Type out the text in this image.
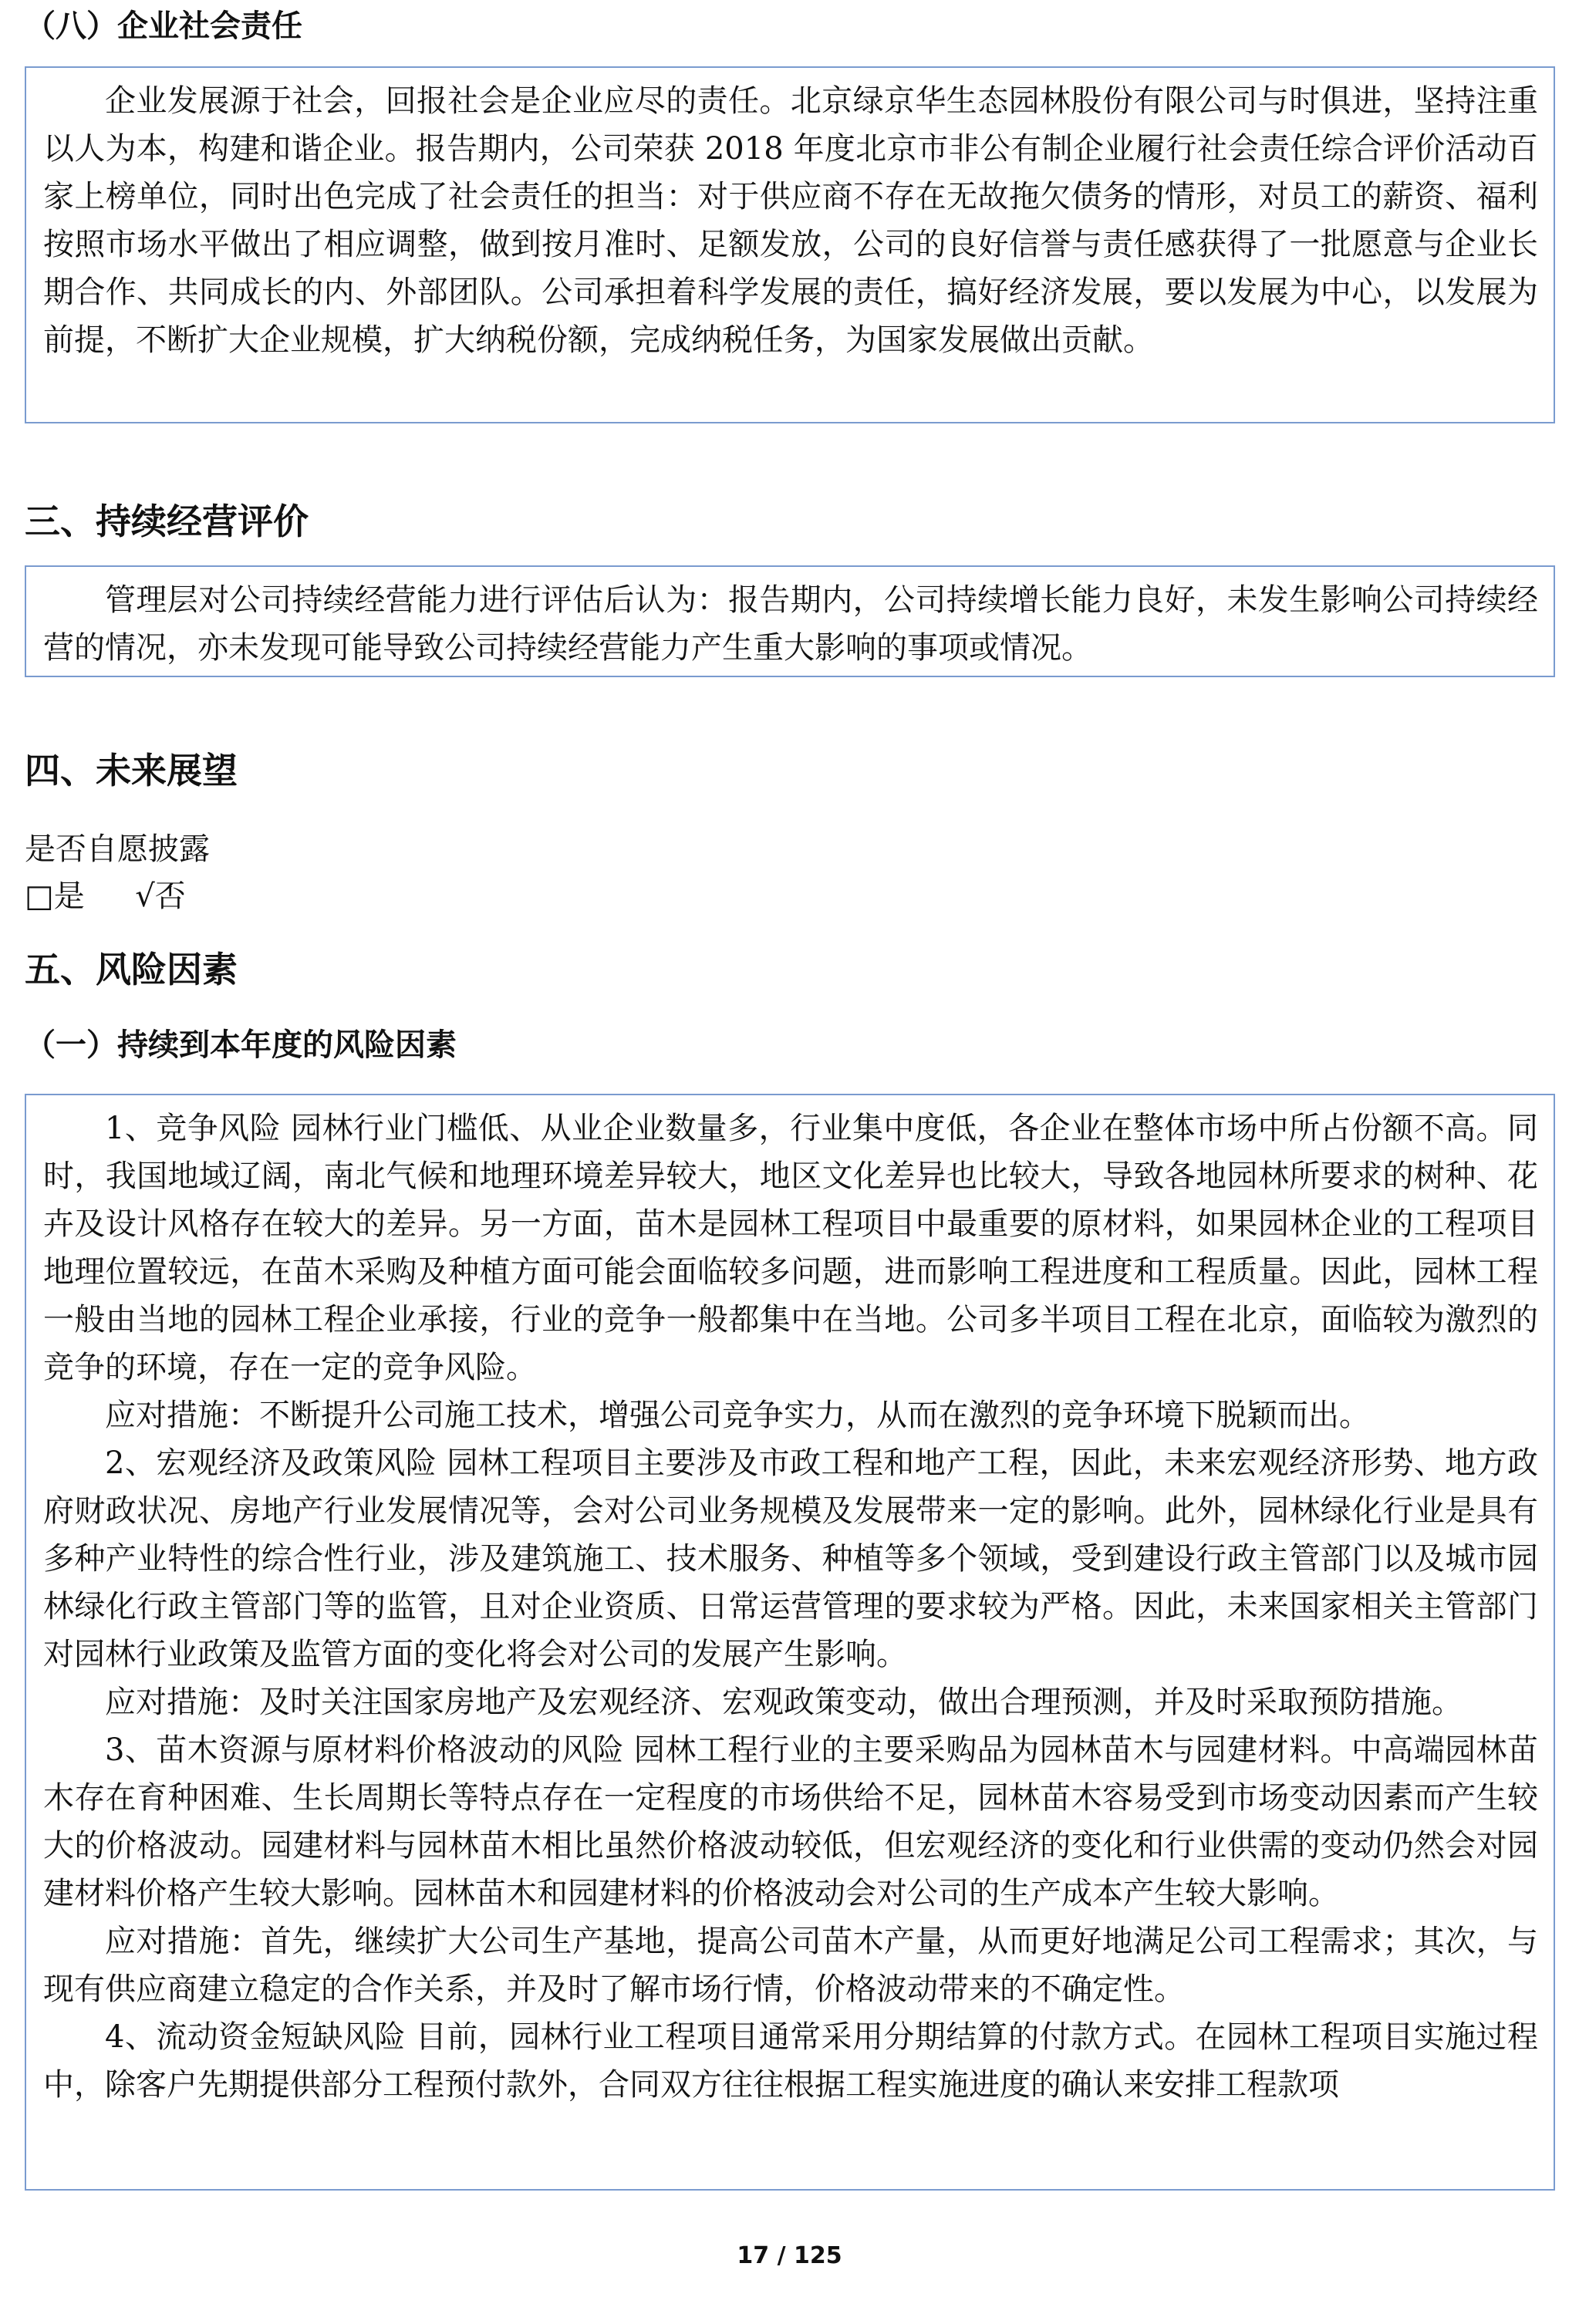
（八）企业社会责任

企业发展源于社会，回报社会是企业应尽的责任。北京绿京华生态园林股份有限公司与时俱进，坚持注重以人为本，构建和谐企业。报告期内，公司荣获 2018 年度北京市非公有制企业履行社会责任综合评价活动百家上榜单位，同时出色完成了社会责任的担当：对于供应商不存在无故拖欠债务的情形，对员工的薪资、福利按照市场水平做出了相应调整，做到按月准时、足额发放，公司的良好信誉与责任感获得了一批愿意与企业长期合作、共同成长的内、外部团队。公司承担着科学发展的责任，搞好经济发展，要以发展为中心，以发展为前提，不断扩大企业规模，扩大纳税份额，完成纳税任务，为国家发展做出贡献。

三、持续经营评价

管理层对公司持续经营能力进行评估后认为：报告期内，公司持续增长能力良好，未发生影响公司持续经营的情况，亦未发现可能导致公司持续经营能力产生重大影响的事项或情况。

四、未来展望
是否自愿披露
□是 √否
五、风险因素
（一）持续到本年度的风险因素

1、竞争风险 园林行业门槛低、从业企业数量多，行业集中度低，各企业在整体市场中所占份额不高。同时，我国地域辽阔，南北气候和地理环境差异较大，地区文化差异也比较大，导致各地园林所要求的树种、花卉及设计风格存在较大的差异。另一方面，苗木是园林工程项目中最重要的原材料，如果园林企业的工程项目地理位置较远，在苗木采购及种植方面可能会面临较多问题，进而影响工程进度和工程质量。因此，园林工程一般由当地的园林工程企业承接，行业的竞争一般都集中在当地。公司多半项目工程在北京，面临较为激烈的竞争的环境，存在一定的竞争风险。

应对措施：不断提升公司施工技术，增强公司竞争实力，从而在激烈的竞争环境下脱颖而出。

2、宏观经济及政策风险 园林工程项目主要涉及市政工程和地产工程，因此，未来宏观经济形势、地方政府财政状况、房地产行业发展情况等，会对公司业务规模及发展带来一定的影响。此外，园林绿化行业是具有多种产业特性的综合性行业，涉及建筑施工、技术服务、种植等多个领域，受到建设行政主管部门以及城市园林绿化行政主管部门等的监管，且对企业资质、日常运营管理的要求较为严格。因此，未来国家相关主管部门对园林行业政策及监管方面的变化将会对公司的发展产生影响。

应对措施：及时关注国家房地产及宏观经济、宏观政策变动，做出合理预测，并及时采取预防措施。

3、苗木资源与原材料价格波动的风险 园林工程行业的主要采购品为园林苗木与园建材料。中高端园林苗木存在育种困难、生长周期长等特点存在一定程度的市场供给不足，园林苗木容易受到市场变动因素而产生较大的价格波动。园建材料与园林苗木相比虽然价格波动较低，但宏观经济的变化和行业供需的变动仍然会对园建材料价格产生较大影响。园林苗木和园建材料的价格波动会对公司的生产成本产生较大影响。

应对措施：首先，继续扩大公司生产基地，提高公司苗木产量，从而更好地满足公司工程需求；其次，与现有供应商建立稳定的合作关系，并及时了解市场行情，价格波动带来的不确定性。

4、流动资金短缺风险 目前，园林行业工程项目通常采用分期结算的付款方式。在园林工程项目实施过程中，除客户先期提供部分工程预付款外，合同双方往往根据工程实施进度的确认来安排工程款项

17 / 125
